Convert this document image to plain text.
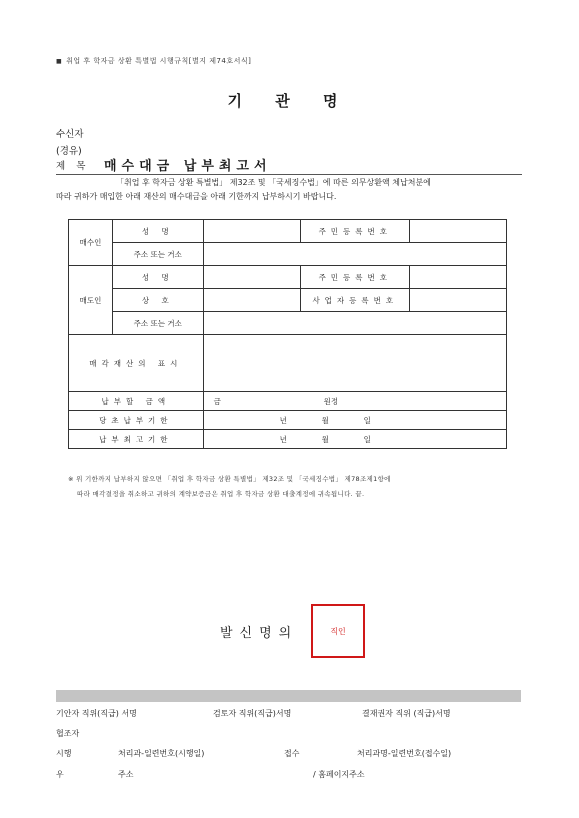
■ 취업 후 학자금 상환 특별법 시행규칙[별지 제74호서식]
기 관 명
수신자
(경유)
제 목 매수대금 납부최고서
「취업 후 학자금 상환 특별법」 제32조 및 「국세징수법」에 따른 의무상환액 체납처분에
따라 귀하가 매입한 아래 재산의 매수대금을 아래 기한까지 납부하시기 바랍니다.
매수인	성 명		주민등록번호	
	주소 또는 거소			
매도인	성 명		주민등록번호	
	상 호		사업자등록번호	
	주소 또는 거소			
매각재산의 표시				
납부할 금액		금 원정		
당초납부기한		년 월 일		
납부최고기한		년 월 일		
※ 위 기한까지 납부하지 않으면 「취업 후 학자금 상환 특별법」 제32조 및 「국세징수법」 제78조제1항에

따라 매각결정을 취소하고 귀하의 계약보증금은 취업 후 학자금 상환 대출계정에 귀속됩니다. 끝.
발신명의	직인
기안자 직위(직급) 서명	검토자 직위(직급)서명	결재권자 직위 (직급)서명
협조자
시행	처리과-일련번호(시행일)	접수	처리과명-일련번호(접수일)
우	주소	/ 홈페이지주소
